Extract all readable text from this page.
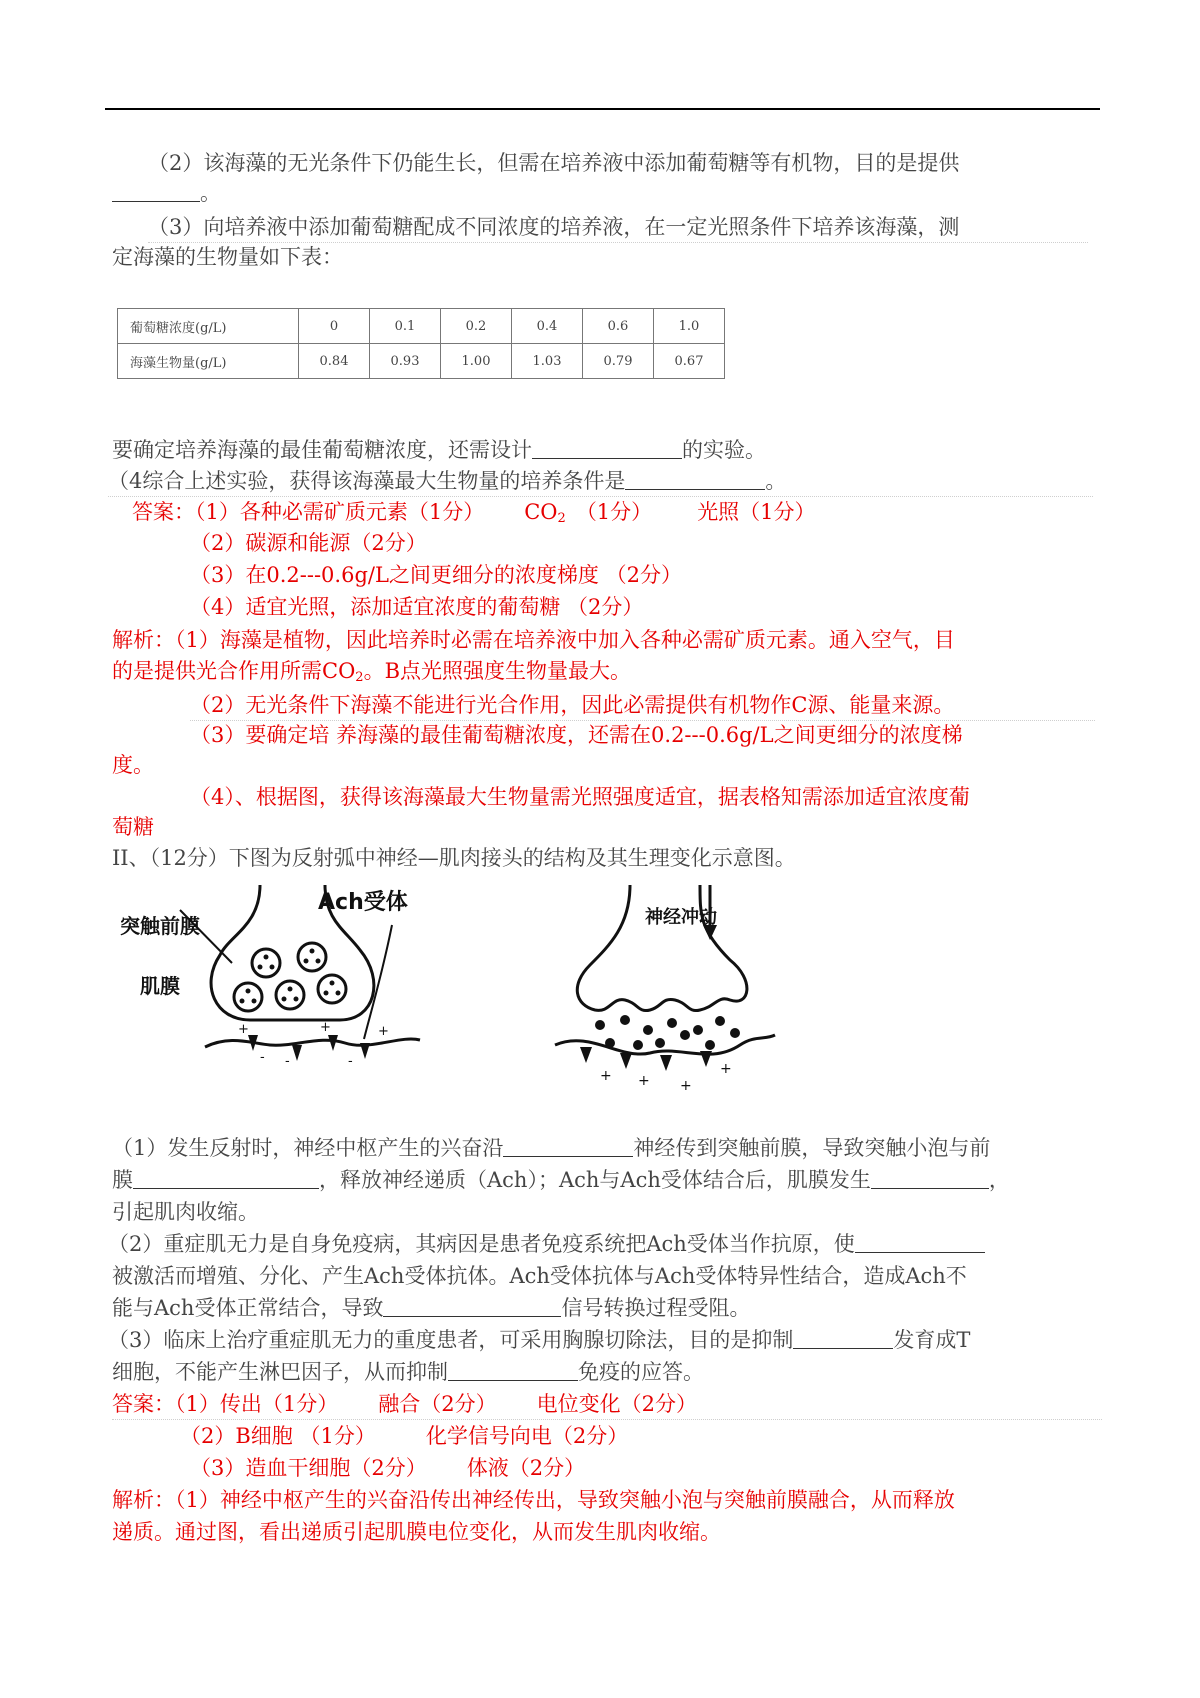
（2）该海藻的无光条件下仍能生长，但需在培养液中添加葡萄糖等有机物，目的是提供
。
（3）向培养液中添加葡萄糖配成不同浓度的培养液，在一定光照条件下培养该海藻，测
定海藻的生物量如下表：
葡萄糖浓度(g/L)	0	0.1	0.2	0.4	0.6	1.0
海藻生物量(g/L)	0.84	0.93	1.00	1.03	0.79	0.67
要确定培养海藻的最佳葡萄糖浓度，还需设计	的实验。
（4综合上述实验，获得该海藻最大生物量的培养条件是	。
答案：（1）各种必需矿质元素（1分） $CO_2$ （1分） 光照（1分）
（2）碳源和能源（2分）
（3）在0.2---0.6g/L之间更细分的浓度梯度 （2分）
（4）适宜光照，添加适宜浓度的葡萄糖 （2分）
解析：（1）海藻是植物，因此培养时必需在培养液中加入各种必需矿质元素。通入空气，目
的是提供光合作用所需$CO_2$。B点光照强度生物量最大。
（2）无光条件下海藻不能进行光合作用，因此必需提供有机物作C源、能量来源。
（3）要确定培 养海藻的最佳葡萄糖浓度，还需在0.2---0.6g/L之间更细分的浓度梯
度。
（4）、根据图，获得该海藻最大生物量需光照强度适宜，据表格知需添加适宜浓度葡
萄糖
II、（12分）下图为反射弧中神经—肌肉接头的结构及其生理变化示意图。
+
-
+	+
-	-
Ach受体
突触前膜
肌膜
+ +
+
+
神经冲动
（1）发生反射时，神经中枢产生的兴奋沿	神经传到突触前膜，导致突触小泡与前
膜	，释放神经递质（Ach）；Ach与Ach受体结合后，肌膜发生	，
引起肌肉收缩。
（2）重症肌无力是自身免疫病，其病因是患者免疫系统把Ach受体当作抗原，使
被激活而增殖、分化、产生Ach受体抗体。Ach受体抗体与Ach受体特异性结合，造成Ach不
能与Ach受体正常结合，导致	信号转换过程受阻。
（3）临床上治疗重症肌无力的重度患者，可采用胸腺切除法，目的是抑制	发育成T
细胞，不能产生淋巴因子，从而抑制	免疫的应答。
答案：（1）传出（1分） 融合（2分） 电位变化（2分）
（2）B细胞 （1分） 化学信号向电（2分）
（3）造血干细胞（2分） 体液（2分）
解析：（1）神经中枢产生的兴奋沿传出神经传出，导致突触小泡与突触前膜融合，从而释放
递质。通过图，看出递质引起肌膜电位变化，从而发生肌肉收缩。
